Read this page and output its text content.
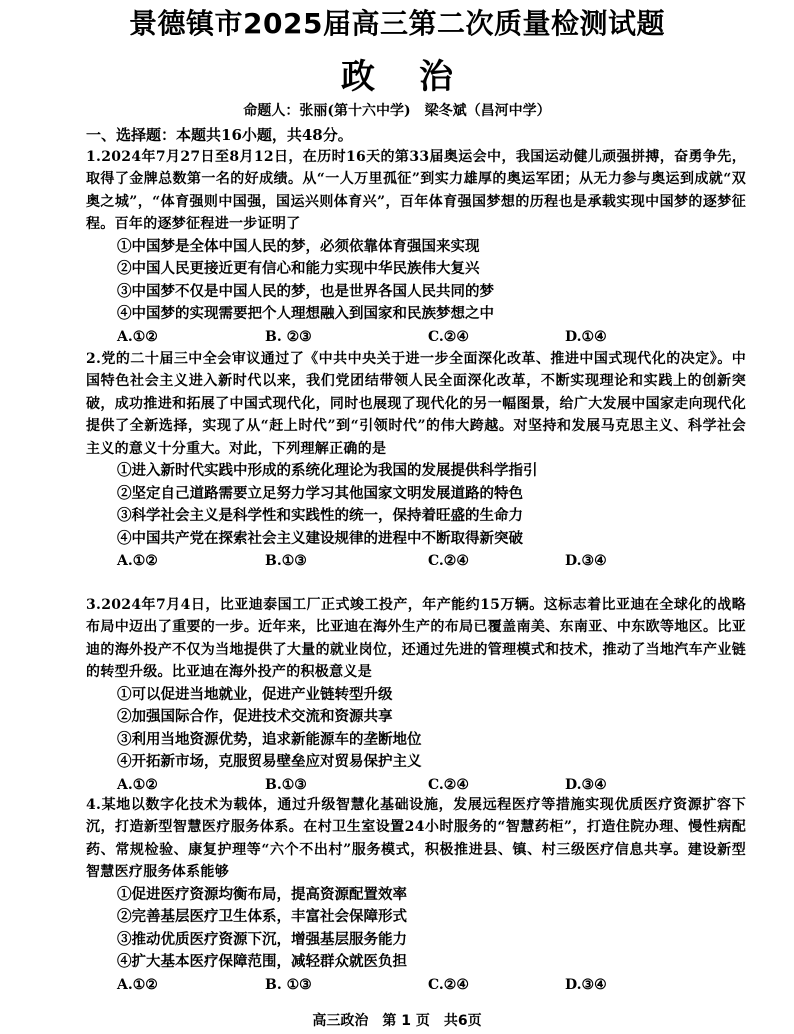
景德镇市2025届高三第二次质量检测试题
政治
命题人：张丽(第十六中学)　梁冬斌（昌河中学）
一、选择题：本题共16小题，共48分。
1.2024年7月27日至8月12日，在历时16天的第33届奥运会中，我国运动健儿顽强拼搏，奋勇争先，取得了金牌总数第一名的好成绩。从“一人万里孤征”到实力雄厚的奥运军团；从无力参与奥运到成就“双奥之城”，“体育强则中国强，国运兴则体育兴”，百年体育强国梦想的历程也是承载实现中国梦的逐梦征程。百年的逐梦征程进一步证明了
①中国梦是全体中国人民的梦，必须依靠体育强国来实现
②中国人民更接近更有信心和能力实现中华民族伟大复兴
③中国梦不仅是中国人民的梦，也是世界各国人民共同的梦
④中国梦的实现需要把个人理想融入到国家和民族梦想之中
A.①②	B. ②③	C.②④	D.①④
2.党的二十届三中全会审议通过了《中共中央关于进一步全面深化改革、推进中国式现代化的决定》。中国特色社会主义进入新时代以来，我们党团结带领人民全面深化改革，不断实现理论和实践上的创新突破，成功推进和拓展了中国式现代化，同时也展现了现代化的另一幅图景，给广大发展中国家走向现代化提供了全新选择，实现了从“赶上时代”到“引领时代”的伟大跨越。对坚持和发展马克思主义、科学社会主义的意义十分重大。对此，下列理解正确的是
①进入新时代实践中形成的系统化理论为我国的发展提供科学指引
②坚定自己道路需要立足努力学习其他国家文明发展道路的特色
③科学社会主义是科学性和实践性的统一，保持着旺盛的生命力
④中国共产党在探索社会主义建设规律的进程中不断取得新突破
A.①②	B.①③	C.②④	D.③④
3.2024年7月4日，比亚迪泰国工厂正式竣工投产，年产能约15万辆。这标志着比亚迪在全球化的战略布局中迈出了重要的一步。近年来，比亚迪在海外生产的布局已覆盖南美、东南亚、中东欧等地区。比亚迪的海外投产不仅为当地提供了大量的就业岗位，还通过先进的管理模式和技术，推动了当地汽车产业链的转型升级。比亚迪在海外投产的积极意义是
①可以促进当地就业，促进产业链转型升级
②加强国际合作，促进技术交流和资源共享
③利用当地资源优势，追求新能源车的垄断地位
④开拓新市场，克服贸易壁垒应对贸易保护主义
A.①②	B.①③	C.②④	D.③④
4.某地以数字化技术为载体，通过升级智慧化基础设施，发展远程医疗等措施实现优质医疗资源扩容下沉，打造新型智慧医疗服务体系。在村卫生室设置24小时服务的“智慧药柜”，打造住院办理、慢性病配药、常规检验、康复护理等“六个不出村”服务模式，积极推进县、镇、村三级医疗信息共享。建设新型智慧医疗服务体系能够
①促进医疗资源均衡布局，提高资源配置效率
②完善基层医疗卫生体系，丰富社会保障形式
③推动优质医疗资源下沉，增强基层服务能力
④扩大基本医疗保障范围，减轻群众就医负担
A.①②	B. ①③	C.②④	D.③④
高三政治　第 1 页　共6页
